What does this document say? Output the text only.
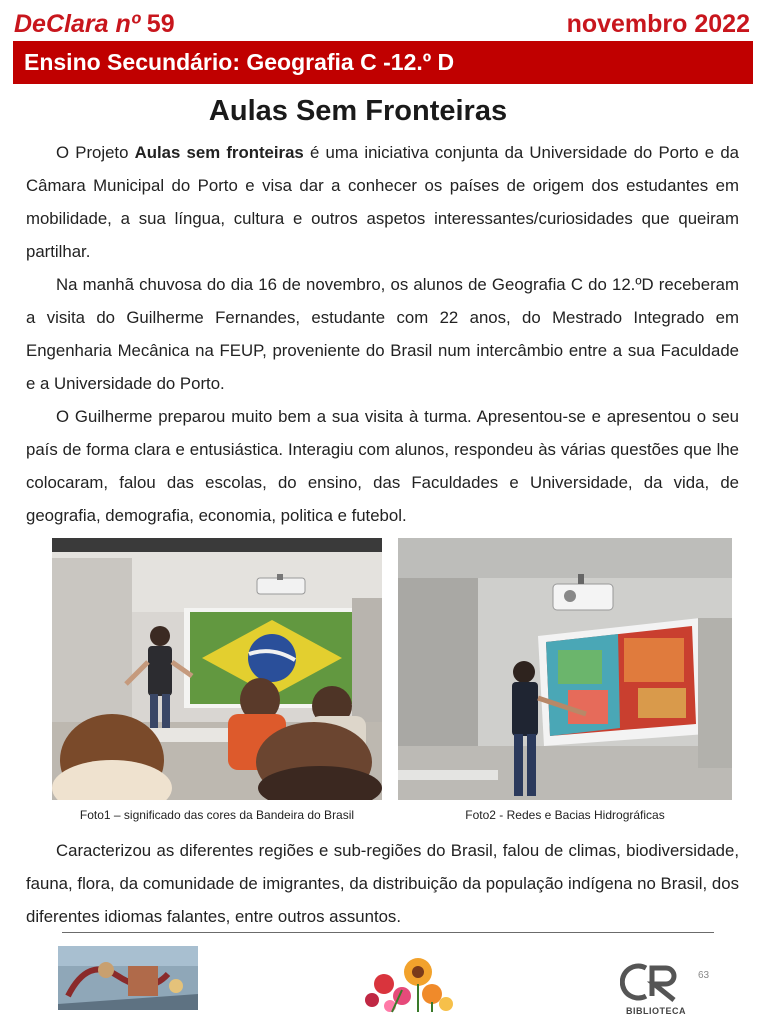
DeClara nº 59	novembro 2022
Ensino Secundário: Geografia C -12.º D
Aulas Sem Fronteiras

O Projeto Aulas sem fronteiras é uma iniciativa conjunta da Universidade do Porto e da Câmara Municipal do Porto e visa dar a conhecer os países de origem dos estudantes em mobilidade, a sua língua, cultura e outros aspetos interessantes/curiosidades que queiram partilhar.

Na manhã chuvosa do dia 16 de novembro, os alunos de Geografia C do 12.ºD receberam a visita do Guilherme Fernandes, estudante com 22 anos, do Mestrado Integrado em Engenharia Mecânica na FEUP, proveniente do Brasil num intercâmbio entre a sua Faculdade e a Universidade do Porto.

O Guilherme preparou muito bem a sua visita à turma. Apresentou-se e apresentou o seu país de forma clara e entusiástica. Interagiu com alunos, respondeu às várias questões que lhe colocaram, falou das escolas, do ensino, das Faculdades e Universidade, da vida, de geografia, demografia, economia, politica e futebol.

Foto1 – significado das cores da Bandeira do Brasil	Foto2 - Redes e Bacias Hidrográficas

Caracterizou as diferentes regiões e sub-regiões do Brasil, falou de climas, biodiversidade, fauna, flora, da comunidade de imigrantes, da distribuição da população indígena no Brasil, dos diferentes idiomas falantes, entre outros assuntos.

BIBLIOTECA
63
